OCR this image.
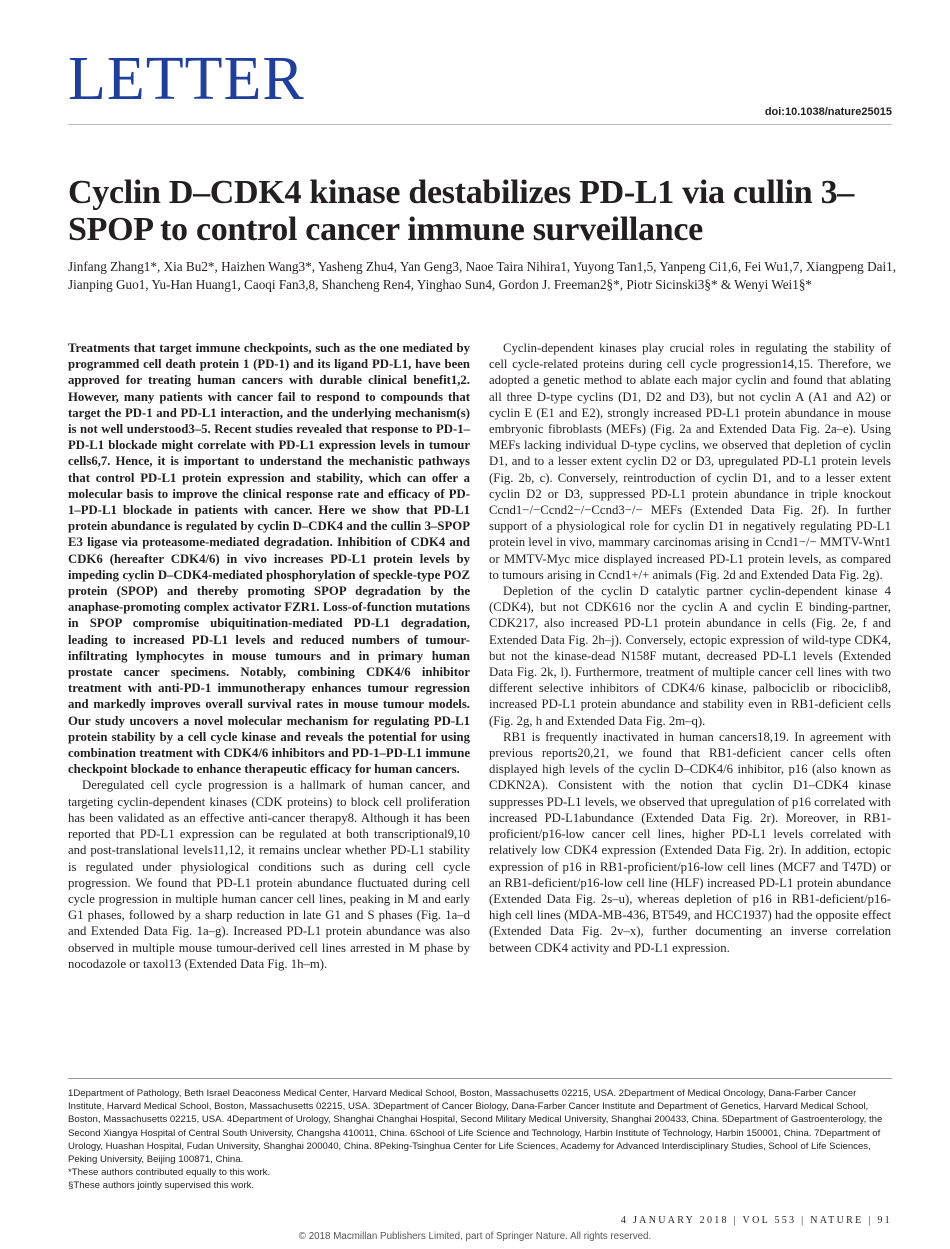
LETTER	doi:10.1038/nature25015
Cyclin D–CDK4 kinase destabilizes PD-L1 via cullin 3–SPOP to control cancer immune surveillance
Jinfang Zhang1*, Xia Bu2*, Haizhen Wang3*, Yasheng Zhu4, Yan Geng3, Naoe Taira Nihira1, Yuyong Tan1,5, Yanpeng Ci1,6, Fei Wu1,7, Xiangpeng Dai1, Jianping Guo1, Yu-Han Huang1, Caoqi Fan3,8, Shancheng Ren4, Yinghao Sun4, Gordon J. Freeman2§*, Piotr Sicinski3§* & Wenyi Wei1§*

Treatments that target immune checkpoints, such as the one mediated by programmed cell death protein 1 (PD-1) and its ligand PD-L1, have been approved for treating human cancers with durable clinical benefit1,2. However, many patients with cancer fail to respond to compounds that target the PD-1 and PD-L1 interaction, and the underlying mechanism(s) is not well understood3–5. Recent studies revealed that response to PD-1–PD-L1 blockade might correlate with PD-L1 expression levels in tumour cells6,7. Hence, it is important to understand the mechanistic pathways that control PD-L1 protein expression and stability, which can offer a molecular basis to improve the clinical response rate and efficacy of PD-1–PD-L1 blockade in patients with cancer. Here we show that PD-L1 protein abundance is regulated by cyclin D–CDK4 and the cullin 3–SPOP E3 ligase via proteasome-mediated degradation. Inhibition of CDK4 and CDK6 (hereafter CDK4/6) in vivo increases PD-L1 protein levels by impeding cyclin D–CDK4-mediated phosphorylation of speckle-type POZ protein (SPOP) and thereby promoting SPOP degradation by the anaphase-promoting complex activator FZR1. Loss-of-function mutations in SPOP compromise ubiquitination-mediated PD-L1 degradation, leading to increased PD-L1 levels and reduced numbers of tumour-infiltrating lymphocytes in mouse tumours and in primary human prostate cancer specimens. Notably, combining CDK4/6 inhibitor treatment with anti-PD-1 immunotherapy enhances tumour regression and markedly improves overall survival rates in mouse tumour models. Our study uncovers a novel molecular mechanism for regulating PD-L1 protein stability by a cell cycle kinase and reveals the potential for using combination treatment with CDK4/6 inhibitors and PD-1–PD-L1 immune checkpoint blockade to enhance therapeutic efficacy for human cancers.

Deregulated cell cycle progression is a hallmark of human cancer, and targeting cyclin-dependent kinases (CDK proteins) to block cell proliferation has been validated as an effective anti-cancer therapy8. Although it has been reported that PD-L1 expression can be regulated at both transcriptional9,10 and post-translational levels11,12, it remains unclear whether PD-L1 stability is regulated under physiological conditions such as during cell cycle progression. We found that PD-L1 protein abundance fluctuated during cell cycle progression in multiple human cancer cell lines, peaking in M and early G1 phases, followed by a sharp reduction in late G1 and S phases (Fig. 1a–d and Extended Data Fig. 1a–g). Increased PD-L1 protein abundance was also observed in multiple mouse tumour-derived cell lines arrested in M phase by nocodazole or taxol13 (Extended Data Fig. 1h–m).

Cyclin-dependent kinases play crucial roles in regulating the stability of cell cycle-related proteins during cell cycle progression14,15. Therefore, we adopted a genetic method to ablate each major cyclin and found that ablating all three D-type cyclins (D1, D2 and D3), but not cyclin A (A1 and A2) or cyclin E (E1 and E2), strongly increased PD-L1 protein abundance in mouse embryonic fibroblasts (MEFs) (Fig. 2a and Extended Data Fig. 2a–e). Using MEFs lacking individual D-type cyclins, we observed that depletion of cyclin D1, and to a lesser extent cyclin D2 or D3, upregulated PD-L1 protein levels (Fig. 2b, c). Conversely, reintroduction of cyclin D1, and to a lesser extent cyclin D2 or D3, suppressed PD-L1 protein abundance in triple knockout Ccnd1−/−Ccnd2−/−Ccnd3−/− MEFs (Extended Data Fig. 2f). In further support of a physiological role for cyclin D1 in negatively regulating PD-L1 protein level in vivo, mammary carcinomas arising in Ccnd1−/− MMTV-Wnt1 or MMTV-Myc mice displayed increased PD-L1 protein levels, as compared to tumours arising in Ccnd1+/+ animals (Fig. 2d and Extended Data Fig. 2g).

Depletion of the cyclin D catalytic partner cyclin-dependent kinase 4 (CDK4), but not CDK616 nor the cyclin A and cyclin E binding-partner, CDK217, also increased PD-L1 protein abundance in cells (Fig. 2e, f and Extended Data Fig. 2h–j). Conversely, ectopic expression of wild-type CDK4, but not the kinase-dead N158F mutant, decreased PD-L1 levels (Extended Data Fig. 2k, l). Furthermore, treatment of multiple cancer cell lines with two different selective inhibitors of CDK4/6 kinase, palbociclib or ribociclib8, increased PD-L1 protein abundance and stability even in RB1-deficient cells (Fig. 2g, h and Extended Data Fig. 2m–q).

RB1 is frequently inactivated in human cancers18,19. In agreement with previous reports20,21, we found that RB1-deficient cancer cells often displayed high levels of the cyclin D–CDK4/6 inhibitor, p16 (also known as CDKN2A). Consistent with the notion that cyclin D1–CDK4 kinase suppresses PD-L1 levels, we observed that upregulation of p16 correlated with increased PD-L1abundance (Extended Data Fig. 2r). Moreover, in RB1-proficient/p16-low cancer cell lines, higher PD-L1 levels correlated with relatively low CDK4 expression (Extended Data Fig. 2r). In addition, ectopic expression of p16 in RB1-proficient/p16-low cell lines (MCF7 and T47D) or an RB1-deficient/p16-low cell line (HLF) increased PD-L1 protein abundance (Extended Data Fig. 2s–u), whereas depletion of p16 in RB1-deficient/p16-high cell lines (MDA-MB-436, BT549, and HCC1937) had the opposite effect (Extended Data Fig. 2v–x), further documenting an inverse correlation between CDK4 activity and PD-L1 expression.

1Department of Pathology, Beth Israel Deaconess Medical Center, Harvard Medical School, Boston, Massachusetts 02215, USA. 2Department of Medical Oncology, Dana-Farber Cancer Institute, Harvard Medical School, Boston, Massachusetts 02215, USA. 3Department of Cancer Biology, Dana-Farber Cancer Institute and Department of Genetics, Harvard Medical School, Boston, Massachusetts 02215, USA. 4Department of Urology, Shanghai Changhai Hospital, Second Military Medical University, Shanghai 200433, China. 5Department of Gastroenterology, the Second Xiangya Hospital of Central South University, Changsha 410011, China. 6School of Life Science and Technology, Harbin Institute of Technology, Harbin 150001, China. 7Department of Urology, Huashan Hospital, Fudan University, Shanghai 200040, China. 8Peking-Tsinghua Center for Life Sciences, Academy for Advanced Interdisciplinary Studies, School of Life Sciences, Peking University, Beijing 100871, China.

*These authors contributed equally to this work.

§These authors jointly supervised this work.

4 JANUARY 2018 | VOL 553 | NATURE | 91
© 2018 Macmillan Publishers Limited, part of Springer Nature. All rights reserved.
